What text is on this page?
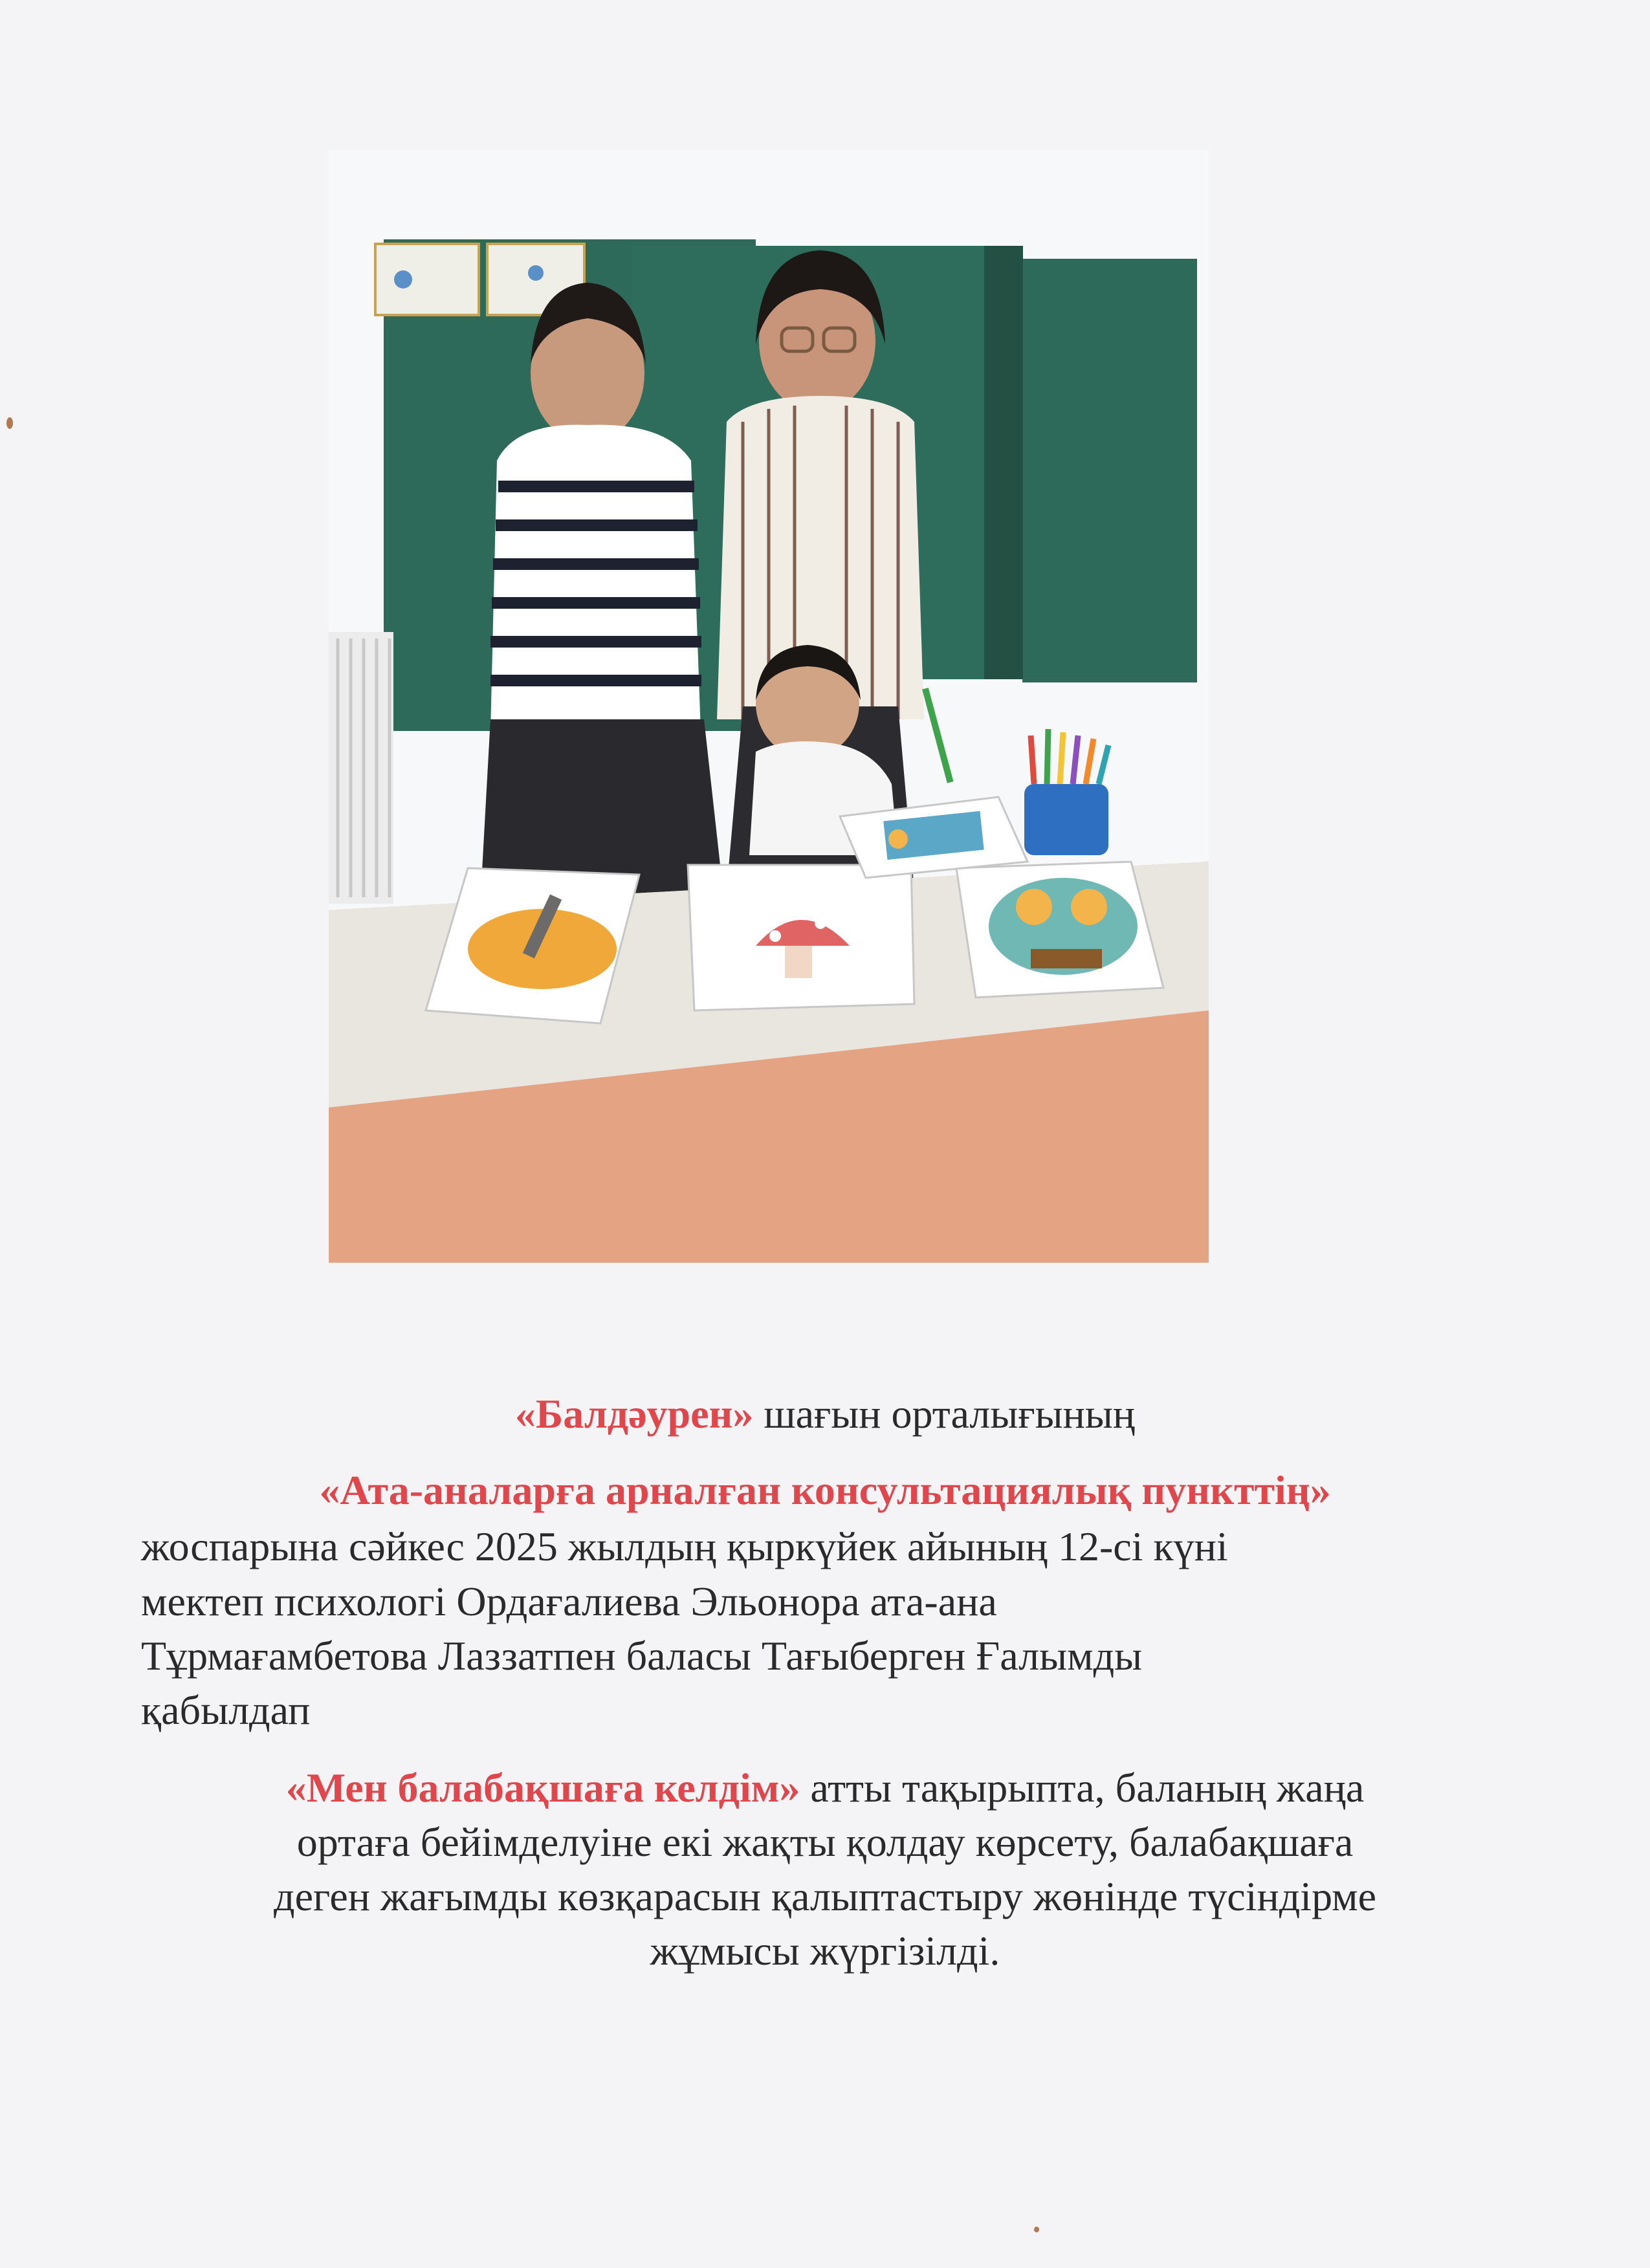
«Балдәурен» шағын орталығының
«Ата-аналарға арналған консультациялық пункттің»
жоспарына сәйкес 2025 жылдың қыркүйек айының 12-сі күні
мектеп психологі Ордағалиева Эльонора ата-ана
Тұрмағамбетова Лаззатпен баласы Тағыберген Ғалымды
қабылдап
«Мен балабақшаға келдім» атты тақырыпта, баланың жаңа
ортаға бейімделуіне екі жақты қолдау көрсету, балабақшаға
деген жағымды көзқарасын қалыптастыру жөнінде түсіндірме
жұмысы жүргізілді.
